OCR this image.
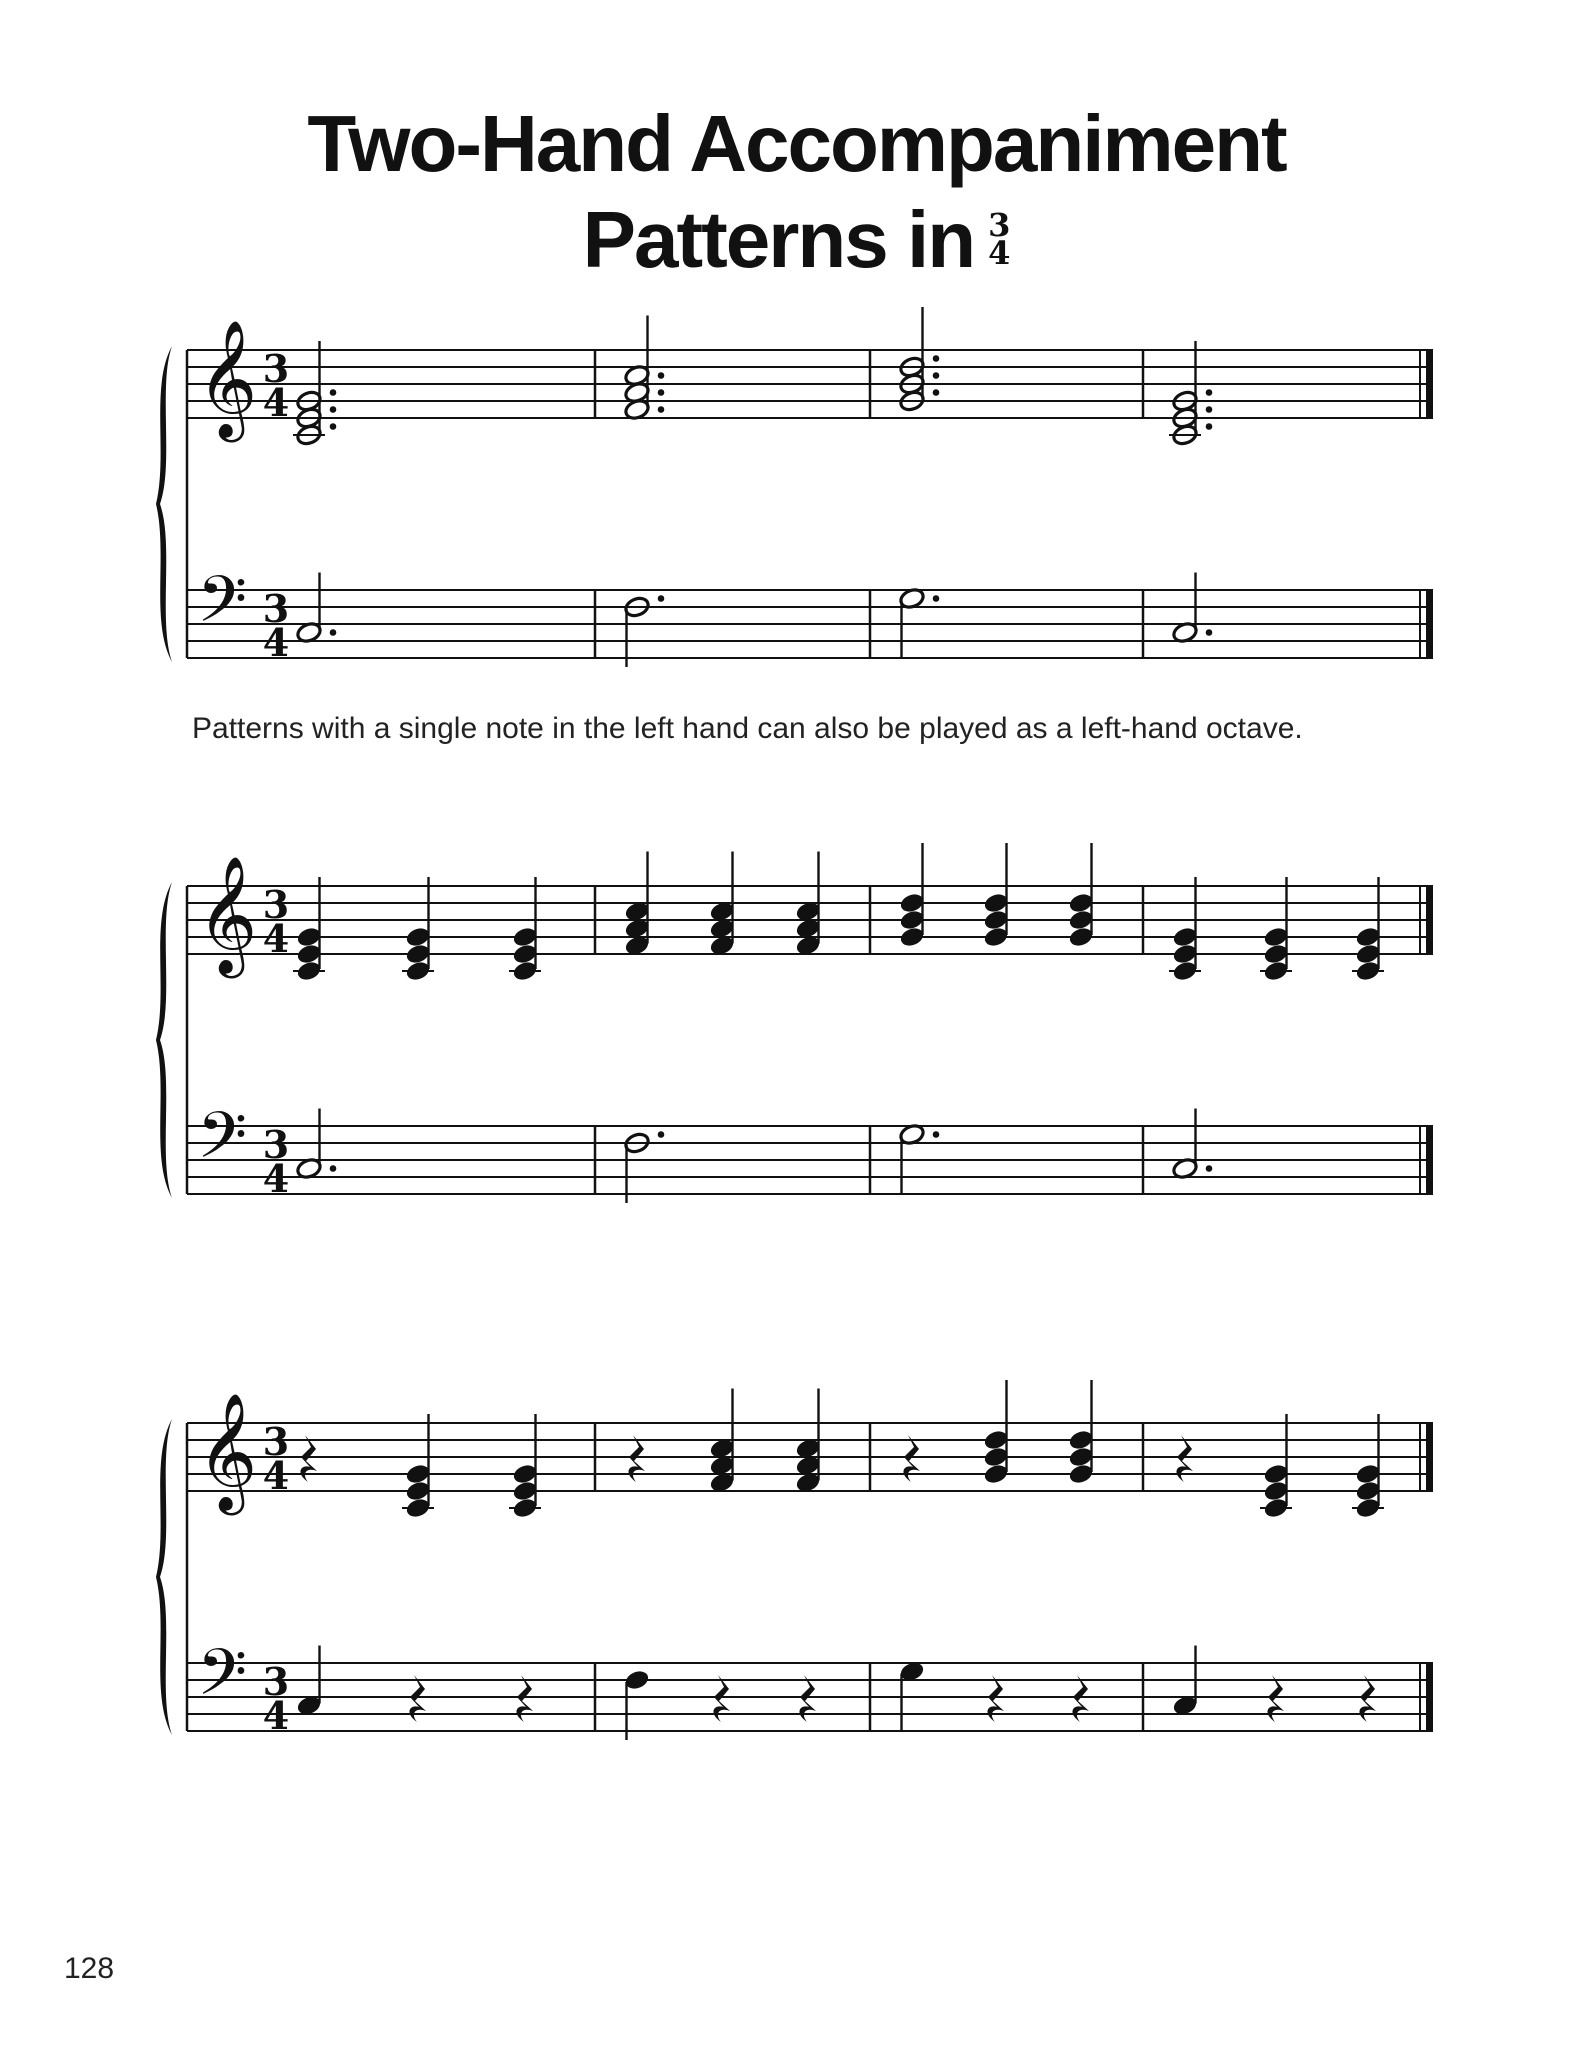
Two-Hand Accompaniment
Patterns in 3
4
𝄞
𝄢
3
4
3
4

Patterns with a single note in the left hand can also be played as a left-hand octave.

𝄞
𝄢
3
4
3
4
𝄞
𝄢
3
4
3
4
128
